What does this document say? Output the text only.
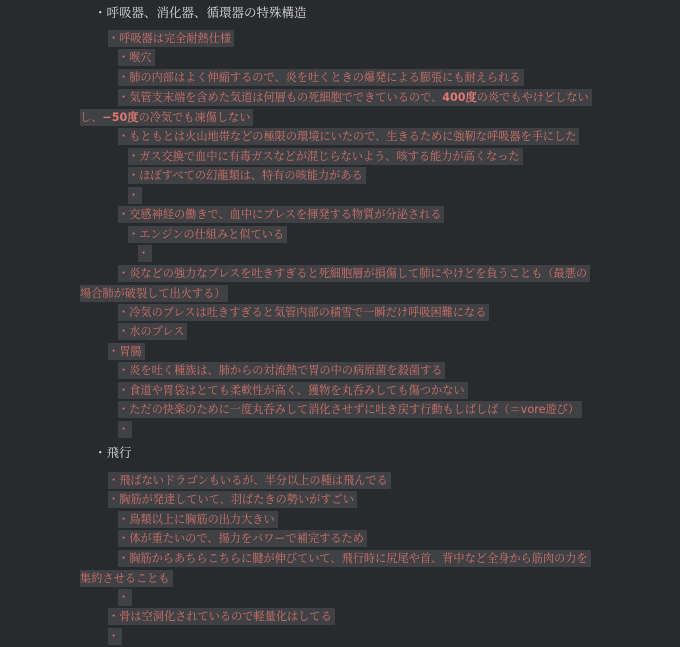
・呼吸器、消化器、循環器の特殊構造
・呼吸器は完全耐熱仕様
・喉穴
・肺の内部はよく伸縮するので、炎を吐くときの爆発による膨張にも耐えられる
・気管支末端を含めた気道は何層もの死細胞でできているので、400度の炎でもやけどしないし、−50度の冷気でも凍傷しない
・もともとは火山地帯などの極限の環境にいたので、生きるために強靭な呼吸器を手にした
・ガス交換で血中に有毒ガスなどが混じらないよう、咳する能力が高くなった
・ほぼすべての幻龍類は、特有の咳能力がある
・
・交感神経の働きで、血中にブレスを揮発する物質が分泌される
・エンジンの仕組みと似ている
・
・炎などの強力なブレスを吐きすぎると死細胞層が損傷して肺にやけどを負うことも（最悪の場合肺が破裂して出火する）
・冷気のブレスは吐きすぎると気管内部の積雪で一瞬だけ呼吸困難になる
・水のブレス
・胃腸
・炎を吐く種族は、肺からの対流熱で胃の中の病原菌を殺菌する
・食道や胃袋はとても柔軟性が高く、獲物を丸呑みしても傷つかない
・ただの快楽のために一度丸呑みして消化させずに吐き戻す行動もしばしば（＝vore遊び）
・
・飛行
・飛ばないドラゴンもいるが、半分以上の種は飛んでる
・胸筋が発達していて、羽ばたきの勢いがすごい
・鳥類以上に胸筋の出力大きい
・体が重たいので、揚力をパワーで補完するため
・胸筋からあちらこちらに腱が伸びていて、飛行時に尻尾や首、背中など全身から筋肉の力を集約させることも
・
・骨は空洞化されているので軽量化はしてる
・
